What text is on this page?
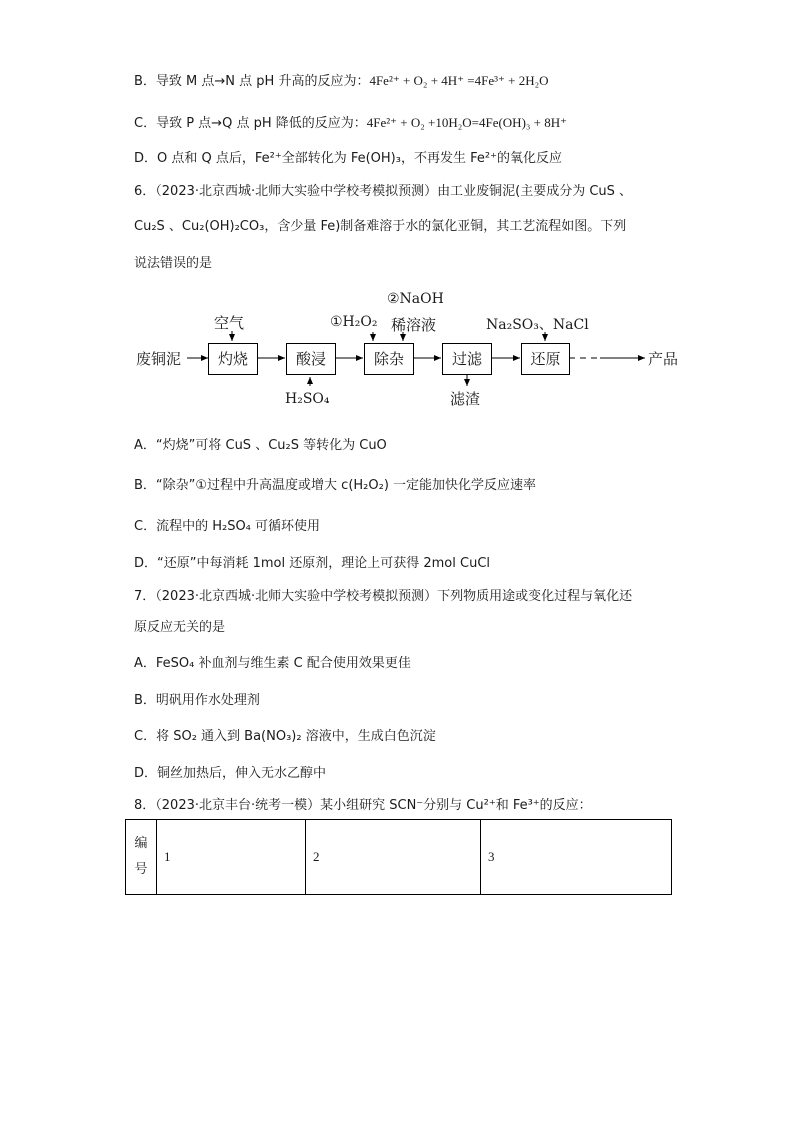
B．导致 M 点→N 点 pH 升高的反应为：4Fe²⁺ + O₂ + 4H⁺ =4Fe³⁺ + 2H₂O
C．导致 P 点→Q 点 pH 降低的反应为：4Fe²⁺ + O₂ +10H₂O=4Fe(OH)₃ + 8H⁺
D．O 点和 Q 点后，Fe²⁺全部转化为 Fe(OH)₃，不再发生 Fe²⁺的氧化反应
6．（2023·北京西城·北师大实验中学校考模拟预测）由工业废铜泥(主要成分为 CuS 、
Cu₂S 、Cu₂(OH)₂CO₃，含少量 Fe)制备难溶于水的氯化亚铜，其工艺流程如图。下列
说法错误的是
废铜泥	灼烧	酸浸	除杂	过滤	还原	产品
空气
H₂SO₄
①H₂O₂
②NaOH
稀溶液
滤渣
Na₂SO₃、NaCl
A．“灼烧”可将 CuS 、Cu₂S 等转化为 CuO
B．“除杂”①过程中升高温度或增大 c(H₂O₂) 一定能加快化学反应速率
C．流程中的 H₂SO₄ 可循环使用
D．“还原”中每消耗 1mol 还原剂，理论上可获得 2mol CuCl
7．（2023·北京西城·北师大实验中学校考模拟预测）下列物质用途或变化过程与氧化还
原反应无关的是
A．FeSO₄ 补血剂与维生素 C 配合使用效果更佳
B．明矾用作水处理剂
C．将 SO₂ 通入到 Ba(NO₃)₂ 溶液中，生成白色沉淀
D．铜丝加热后，伸入无水乙醇中
8．（2023·北京丰台·统考一模）某小组研究 SCN⁻分别与 Cu²⁺和 Fe³⁺的反应：
编号	1	2	3
